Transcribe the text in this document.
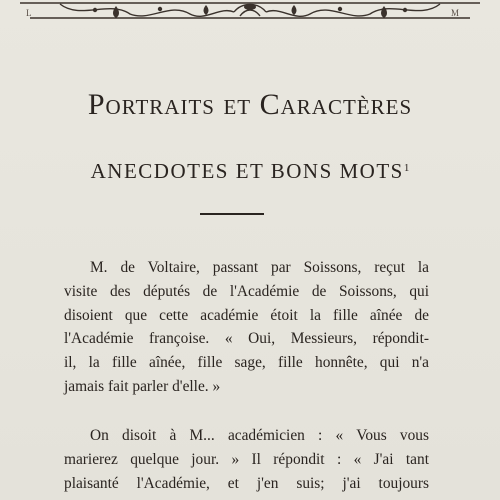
L	M
Portraits et Caractères
ANECDOTES ET BONS MOTS$^1$

M. de Voltaire, passant par Soissons, reçut la
visite des députés de l'Académie de Soissons, qui
disoient que cette académie étoit la fille aînée de
l'Académie françoise. « Oui, Messieurs, répondit-
il, la fille aînée, fille sage, fille honnête, qui n'a
jamais fait parler d'elle. »

On disoit à M... académicien : « Vous vous
marierez quelque jour. » Il répondit : « J'ai tant
plaisanté l'Académie, et j'en suis; j'ai toujours
